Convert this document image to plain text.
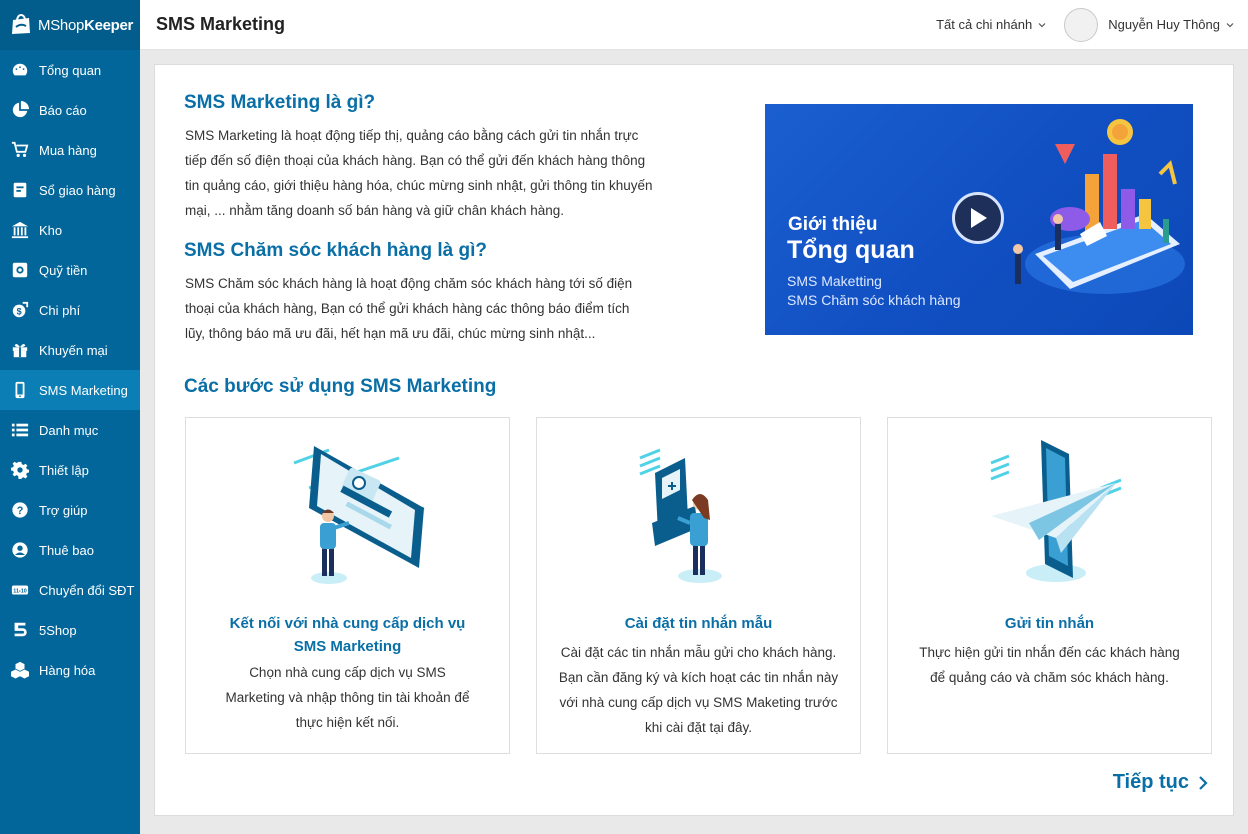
MShopKeeper
Tổng quan
Báo cáo
Mua hàng
Sổ giao hàng
Kho
Quỹ tiền
$ Chi phí
Khuyến mại
SMS Marketing
Danh mục
Thiết lập
? Trợ giúp
Thuê bao
11›10 Chuyển đổi SĐT
5Shop
Hàng hóa
SMS Marketing	Tất cả chi nhánh	Nguyễn Huy Thông
SMS Marketing là gì?
SMS Marketing là hoạt động tiếp thị, quảng cáo bằng cách gửi tin nhắn trực
tiếp đến số điện thoại của khách hàng. Bạn có thể gửi đến khách hàng thông
tin quảng cáo, giới thiệu hàng hóa, chúc mừng sinh nhật, gửi thông tin khuyến
mại, ... nhằm tăng doanh số bán hàng và giữ chân khách hàng.
SMS Chăm sóc khách hàng là gì?
SMS Chăm sóc khách hàng là hoạt động chăm sóc khách hàng tới số điện
thoại của khách hàng, Bạn có thể gửi khách hàng các thông báo điểm tích
lũy, thông báo mã ưu đãi, hết hạn mã ưu đãi, chúc mừng sinh nhật...
Giới thiệu
Tổng quan
SMS Maketting
SMS Chăm sóc khách hàng
Các bước sử dụng SMS Marketing
Kết nối với nhà cung cấp dịch vụ
SMS Marketing
Chọn nhà cung cấp dịch vụ SMS
Marketing và nhập thông tin tài khoản để
thực hiện kết nối.
Cài đặt tin nhắn mẫu
Cài đặt các tin nhắn mẫu gửi cho khách hàng.
Bạn cần đăng ký và kích hoạt các tin nhắn này
với nhà cung cấp dịch vụ SMS Maketing trước
khi cài đặt tại đây.
Gửi tin nhắn
Thực hiện gửi tin nhắn đến các khách hàng
để quảng cáo và chăm sóc khách hàng.
Tiếp tục
